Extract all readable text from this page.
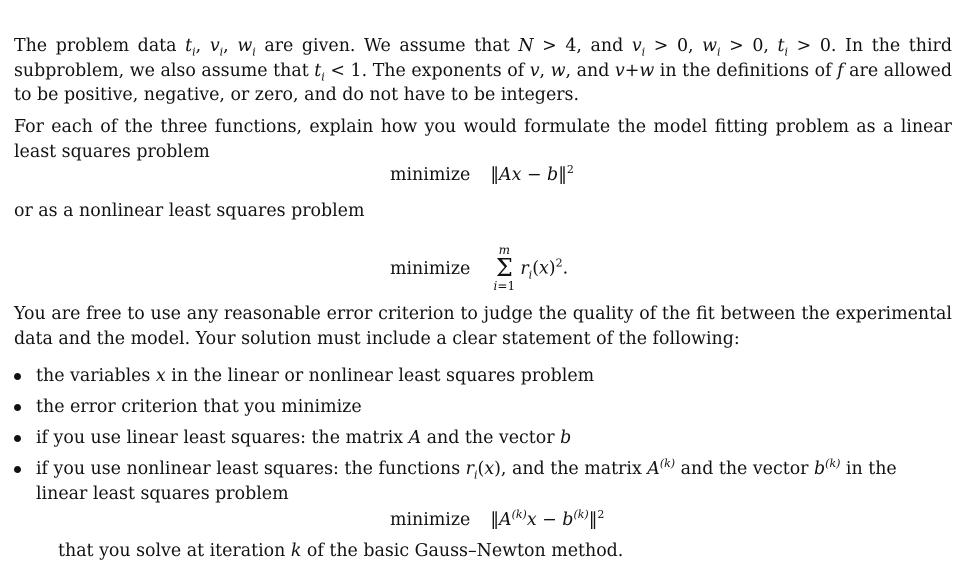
The problem data $t_i$, $v_i$, $w_i$ are given. We assume that N > 4, and $v_i > 0$, $w_i > 0$, $t_i > 0$. In the third subproblem, we also assume that $t_i < 1$. The exponents of v, w, and v+w in the definitions of f are allowed to be positive, negative, or zero, and do not have to be integers.

For each of the three functions, explain how you would formulate the model fitting problem as a linear least squares problem

minimize ‖Ax − b‖$^2$

or as a nonlinear least squares problem

minimize
m
Σ
i=1
$r_i(x)^2$.

You are free to use any reasonable error criterion to judge the quality of the fit between the experimental data and the model. Your solution must include a clear statement of the following:

the variables x in the linear or nonlinear least squares problem
the error criterion that you minimize
if you use linear least squares: the matrix A and the vector b
if you use nonlinear least squares: the functions $r_i(x)$, and the matrix $A^{(k)}$ and the vector $b^{(k)}$ in the linear least squares problem
minimize $‖A^{(k)}x$ − $b^{(k)}‖^2$
that you solve at iteration k of the basic Gauss–Newton method.
